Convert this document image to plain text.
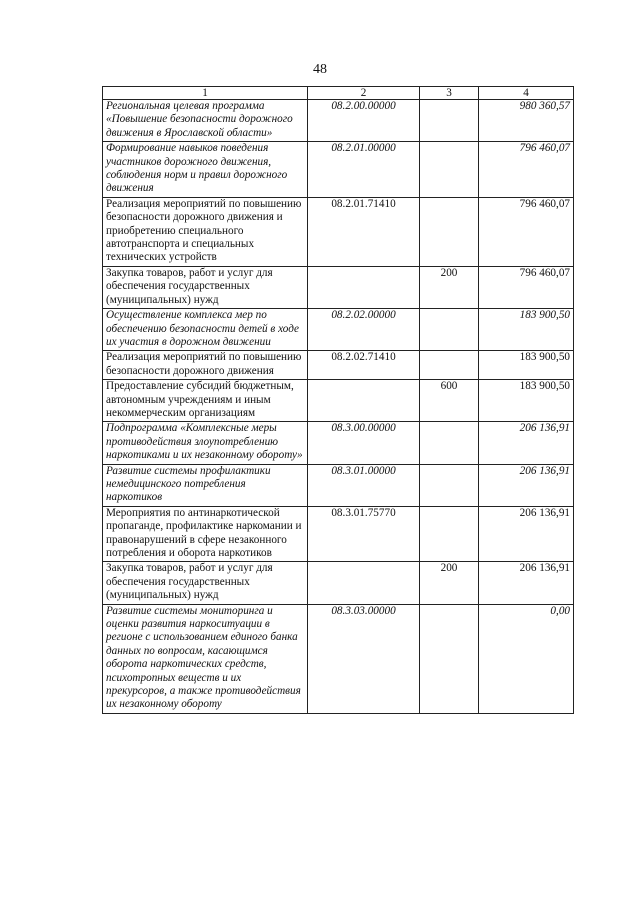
48
1	2	3	4
Региональная целевая программа «Повышение безопасности дорожного движения в Ярославской области»	08.2.00.00000		980 360,57
Формирование навыков поведения участников дорожного движения, соблюдения норм и правил дорожного движения	08.2.01.00000		796 460,07
Реализация мероприятий по повышению безопасности дорожного движения и приобретению специального автотранспорта и специальных технических устройств	08.2.01.71410		796 460,07
Закупка товаров, работ и услуг для обеспечения государственных (муниципальных) нужд		200	796 460,07
Осуществление комплекса мер по обеспечению безопасности детей в ходе их участия в дорожном движении	08.2.02.00000		183 900,50
Реализация мероприятий по повышению безопасности дорожного движения	08.2.02.71410		183 900,50
Предоставление субсидий бюджетным, автономным учреждениям и иным некоммерческим организациям		600	183 900,50
Подпрограмма «Комплексные меры противодействия злоупотреблению наркотиками и их незаконному обороту»	08.3.00.00000		206 136,91
Развитие системы профилактики немедицинского потребления наркотиков	08.3.01.00000		206 136,91
Мероприятия по антинаркотической пропаганде, профилактике наркомании и правонарушений в сфере незаконного потребления и оборота наркотиков	08.3.01.75770		206 136,91
Закупка товаров, работ и услуг для обеспечения государственных (муниципальных) нужд		200	206 136,91
Развитие системы мониторинга и оценки развития наркоситуации в регионе с использованием единого банка данных по вопросам, касающимся оборота наркотических средств, психотропных веществ и их прекурсоров, а также противодействия их незаконному обороту	08.3.03.00000		0,00
